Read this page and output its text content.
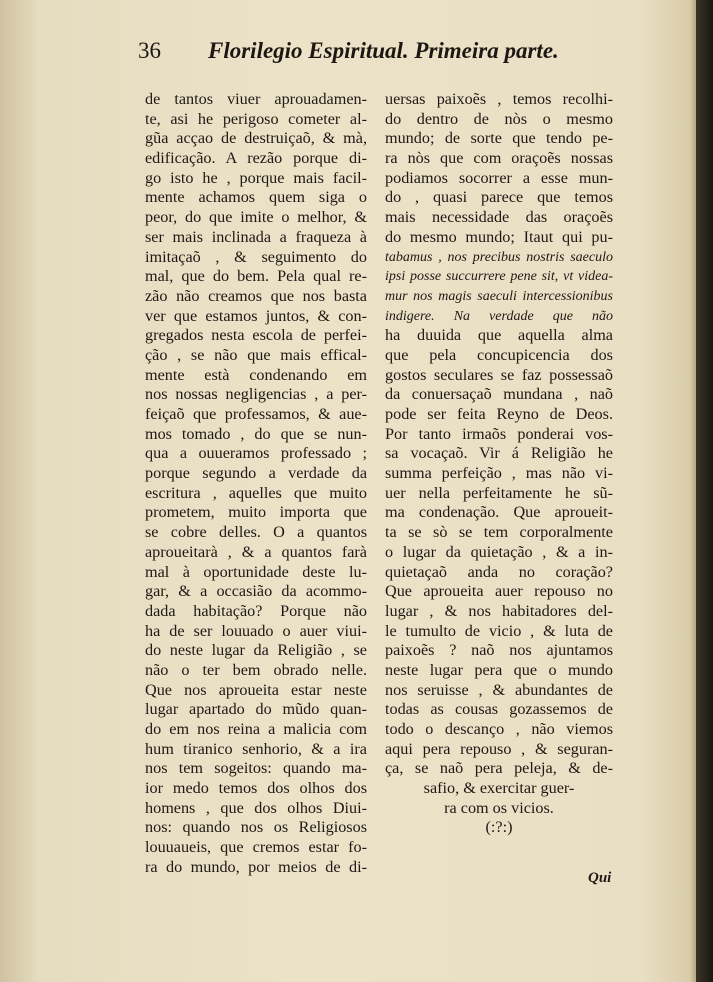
36 Florilegio Espiritual. Primeira parte.
de tantos viuer aprouadamen-
te, asi he perigoso cometer al-
gũa acçao de destruiçaõ, & mà,
edificação. A rezão porque di-
go isto he , porque mais facil-
mente achamos quem siga o
peor, do que imite o melhor, &
ser mais inclinada a fraqueza à
imitaçaõ , & seguimento do
mal, que do bem. Pela qual re-
zão não creamos que nos basta
ver que estamos juntos, & con-
gregados nesta escola de perfei-
ção , se não que mais effical-
mente està condenando em
nos nossas negligencias , a per-
feiçaõ que professamos, & aue-
mos tomado , do que se nun-
qua a ouueramos professado ;
porque segundo a verdade da
escritura , aquelles que muito
prometem, muito importa que
se cobre delles. O a quantos
aproueitarà , & a quantos farà
mal à oportunidade deste lu-
gar, & a occasião da acommo-
dada habitação? Porque não
ha de ser louuado o auer viui-
do neste lugar da Religião , se
não o ter bem obrado nelle.
Que nos aproueita estar neste
lugar apartado do mũdo quan-
do em nos reina a malicia com
hum tiranico senhorio, & a ira
nos tem sogeitos: quando ma-
ior medo temos dos olhos dos
homens , que dos olhos Diui-
nos: quando nos os Religiosos
louuaueis, que cremos estar fo-
ra do mundo, por meios de di-
uersas paixoẽs , temos recolhi-
do dentro de nòs o mesmo
mundo; de sorte que tendo pe-
ra nòs que com oraçoẽs nossas
podiamos socorrer a esse mun-
do , quasi parece que temos
mais necessidade das oraçoẽs
do mesmo mundo; Itaut qui pu-
tabamus , nos precibus nostris saeculo
ipsi posse succurrere pene sit, vt videa-
mur nos magis saeculi intercessionibus
indigere. Na verdade que não
ha duuida que aquella alma
que pela concupicencia dos
gostos seculares se faz possessaõ
da conuersaçaõ mundana , naõ
pode ser feita Reyno de Deos.
Por tanto irmaõs ponderai vos-
sa vocaçaõ. Vir á Religião he
summa perfeição , mas não vi-
uer nella perfeitamente he sũ-
ma condenação. Que aproueit-
ta se sò se tem corporalmente
o lugar da quietação , & a in-
quietaçaõ anda no coração?
Que aproueita auer repouso no
lugar , & nos habitadores del-
le tumulto de vicio , & luta de
paixoẽs ? naõ nos ajuntamos
neste lugar pera que o mundo
nos seruisse , & abundantes de
todas as cousas gozassemos de
todo o descanço , não viemos
aqui pera repouso , & seguran-
ça, se naõ pera peleja, & de-
safio, & exercitar guer-
ra com os vicios.
(:?:)
Qui
